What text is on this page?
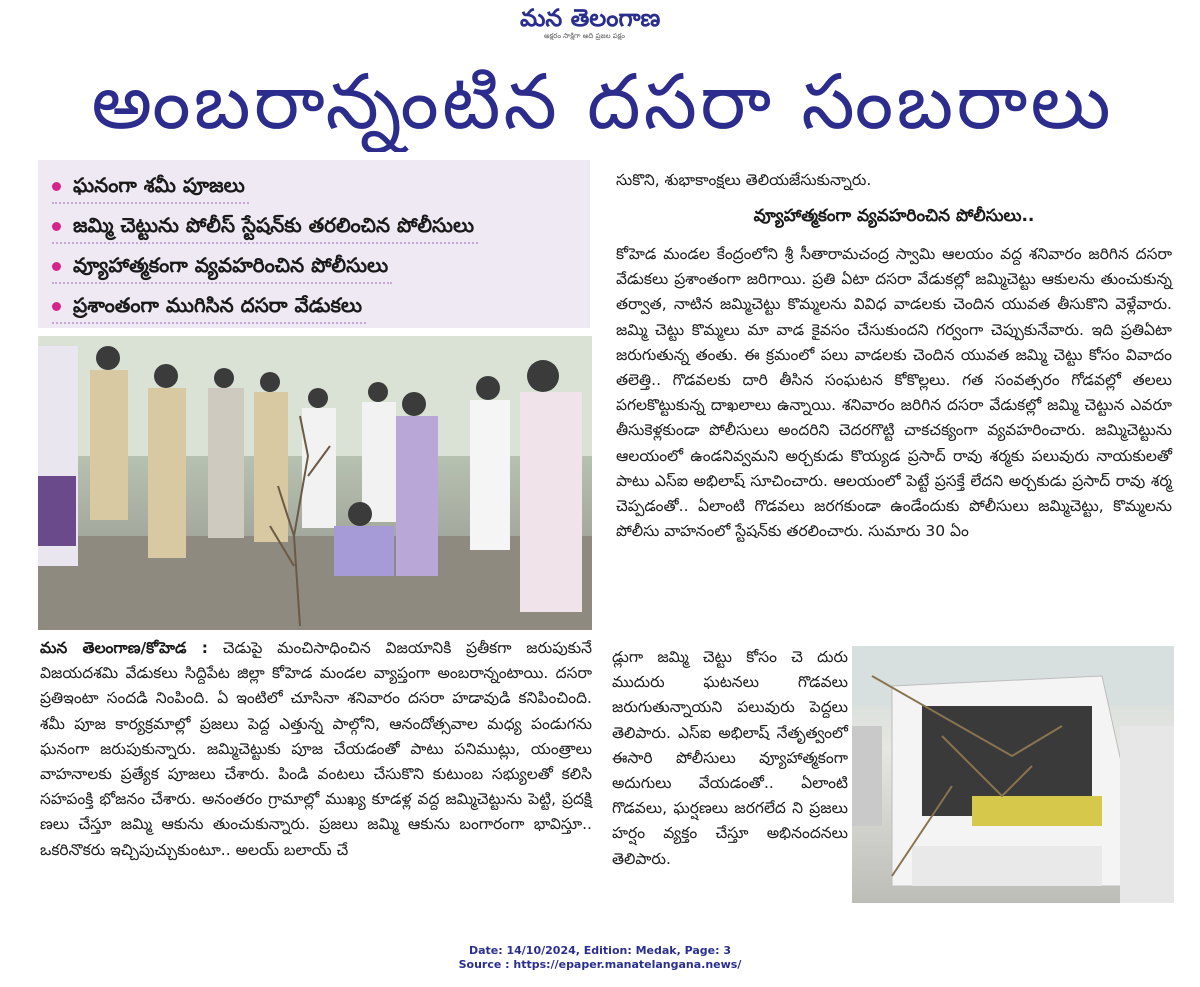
మన తెలంగాణ
అక్షరం సాక్షిగా అది ప్రజల పక్షం
అంబరాన్నంటిన దసరా సంబరాలు
ఘనంగా శమీ పూజలు
జమ్మి చెట్టును పోలీస్ స్టేషన్‌కు తరలించిన పోలీసులు
వ్యూహాత్మకంగా వ్యవహరించిన పోలీసులు
ప్రశాంతంగా ముగిసిన దసరా వేడుకలు

మన తెలంగాణ/కోహెడ : చెడుపై మంచిసాధించిన విజయానికి ప్రతీకగా జరుపుకునే విజయదశమి వేడుకలు సిద్దిపేట జిల్లా కోహెడ మండల వ్యాప్తంగా అంబరాన్నంటాయి. దసరా ప్రతిఇంటా సందడి నింపింది. ఏ ఇంటిలో చూసినా శనివారం దసరా హడావుడి కనిపించింది. శమీ పూజ కార్యక్రమాల్లో ప్రజలు పెద్ద ఎత్తున్న పాల్గోని, ఆనందోత్సవాల మధ్య పండుగను ఘనంగా జరుపుకున్నారు. జమ్మిచెట్టుకు పూజ చేయడంతో పాటు పనిముట్లు, యంత్రాలు వాహనాలకు ప్రత్యేక పూజలు చేశారు. పిండి వంటలు చేసుకొని కుటుంబ సభ్యులతో కలిసి సహపంక్తి భోజనం చేశారు. అనంతరం గ్రామాల్లో ముఖ్య కూడళ్ల వద్ద జమ్మిచెట్టును పెట్టి, ప్రదక్షి ణలు చేస్తూ జమ్మి ఆకును తుంచుకున్నారు. ప్రజలు జమ్మి ఆకును బంగారంగా భావిస్తూ.. ఒకరినొకరు ఇచ్చిపుచ్చుకుంటూ.. అలయ్ బలాయ్ చే

సుకొని, శుభాకాంక్షలు తెలియజేసుకున్నారు.
వ్యూహాత్మకంగా వ్యవహరించిన పోలీసులు..
కోహెడ మండల కేంద్రంలోని శ్రీ సీతారామచంద్ర స్వామి ఆలయం వద్ద శనివారం జరిగిన దసరా వేడుకలు ప్రశాంతంగా జరిగాయి. ప్రతి ఏటా దసరా వేడుకల్లో జమ్మిచెట్టు ఆకులను తుంచుకున్న తర్వాత, నాటిన జమ్మిచెట్టు కొమ్మలను వివిధ వాడలకు చెందిన యువత తీసుకొని వెళ్లేవారు. జమ్మి చెట్టు కొమ్మలు మా వాడ కైవసం చేసుకుందని గర్వంగా చెప్పుకునేవారు. ఇది ప్రతిఏటా జరుగుతున్న తంతు. ఈ క్రమంలో పలు వాడలకు చెందిన యువత జమ్మి చెట్టు కోసం వివాదం తలెత్తి.. గొడవలకు దారి తీసిన సంఘటన కోకొల్లలు. గత సంవత్సరం గోడవల్లో తలలు పగలకొట్టుకున్న దాఖలాలు ఉన్నాయి. శనివారం జరిగిన దసరా వేడుకల్లో జమ్మి చెట్టున ఎవరూ తీసుకెళ్లకుండా పోలీసులు అందరిని చెదరగొట్టి చాకచక్యంగా వ్యవహరించారు. జమ్మిచెట్టును ఆలయంలో ఉండనివ్వమని అర్చకుడు కొయ్యడ ప్రసాద్ రావు శర్మకు పలువురు నాయకులతో పాటు ఎస్ఐ అభిలాష్ సూచించారు. ఆలయంలో పెట్టే ప్రసక్తే లేదని అర్చకుడు ప్రసాద్ రావు శర్మ చెప్పడంతో.. ఏలాంటి గొడవలు జరగకుండా ఉండేందుకు పోలీసులు జమ్మిచెట్టు, కొమ్మలను పోలీసు వాహనంలో స్టేషన్‌కు తరలించారు. సుమారు 30 ఏం
డ్లుగా జమ్మి చెట్టు కోసం చె దురు ముదురు ఘటనలు గొడవలు జరుగుతున్నాయని పలువురు పెద్దలు తెలిపారు. ఎస్ఐ అభిలాష్ నేతృత్వంలో ఈసారి పోలీసులు వ్యూహాత్మకంగా అదుగులు వేయడంతో.. ఏలాంటి గొడవలు, ఘర్షణలు జరగలేద ని ప్రజలు హర్షం వ్యక్తం చేస్తూ అభినందనలు తెలిపారు.
Date: 14/10/2024, Edition: Medak, Page: 3
Source : https://epaper.manatelangana.news/
